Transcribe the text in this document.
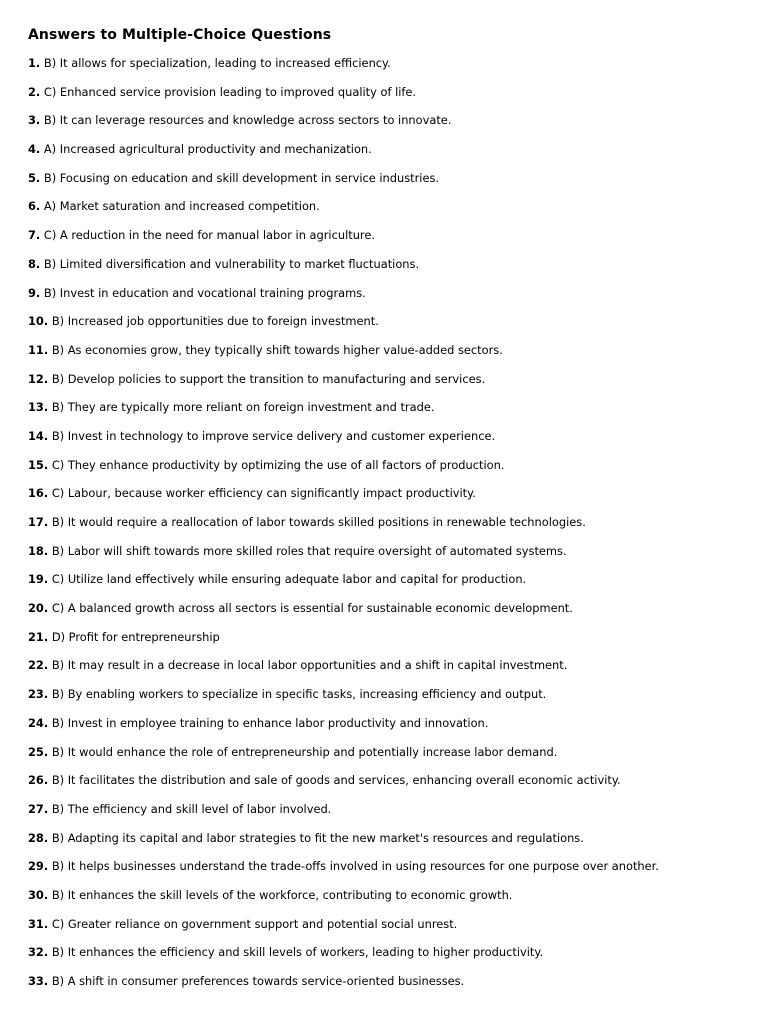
Answers to Multiple-Choice Questions
1. B) It allows for specialization, leading to increased efficiency.
2. C) Enhanced service provision leading to improved quality of life.
3. B) It can leverage resources and knowledge across sectors to innovate.
4. A) Increased agricultural productivity and mechanization.
5. B) Focusing on education and skill development in service industries.
6. A) Market saturation and increased competition.
7. C) A reduction in the need for manual labor in agriculture.
8. B) Limited diversification and vulnerability to market fluctuations.
9. B) Invest in education and vocational training programs.
10. B) Increased job opportunities due to foreign investment.
11. B) As economies grow, they typically shift towards higher value-added sectors.
12. B) Develop policies to support the transition to manufacturing and services.
13. B) They are typically more reliant on foreign investment and trade.
14. B) Invest in technology to improve service delivery and customer experience.
15. C) They enhance productivity by optimizing the use of all factors of production.
16. C) Labour, because worker efficiency can significantly impact productivity.
17. B) It would require a reallocation of labor towards skilled positions in renewable technologies.
18. B) Labor will shift towards more skilled roles that require oversight of automated systems.
19. C) Utilize land effectively while ensuring adequate labor and capital for production.
20. C) A balanced growth across all sectors is essential for sustainable economic development.
21. D) Profit for entrepreneurship
22. B) It may result in a decrease in local labor opportunities and a shift in capital investment.
23. B) By enabling workers to specialize in specific tasks, increasing efficiency and output.
24. B) Invest in employee training to enhance labor productivity and innovation.
25. B) It would enhance the role of entrepreneurship and potentially increase labor demand.
26. B) It facilitates the distribution and sale of goods and services, enhancing overall economic activity.
27. B) The efficiency and skill level of labor involved.
28. B) Adapting its capital and labor strategies to fit the new market's resources and regulations.
29. B) It helps businesses understand the trade-offs involved in using resources for one purpose over another.
30. B) It enhances the skill levels of the workforce, contributing to economic growth.
31. C) Greater reliance on government support and potential social unrest.
32. B) It enhances the efficiency and skill levels of workers, leading to higher productivity.
33. B) A shift in consumer preferences towards service-oriented businesses.
